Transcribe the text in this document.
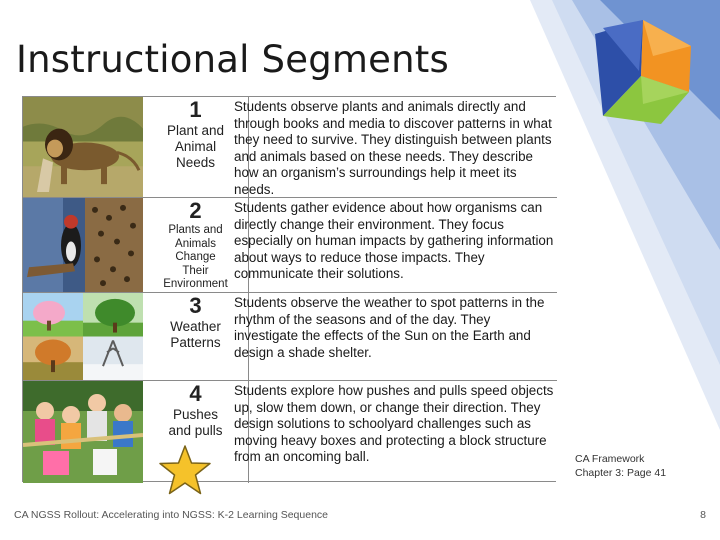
Instructional Segments
1
Plant and
Animal
Needs
Students observe plants and animals directly and through books and media to discover patterns in what they need to survive. They distinguish between plants and animals based on these needs. They describe how an organism’s surroundings help it meet its needs.
2
Plants and
Animals
Change
Their
Environment
Students gather evidence about how organisms can directly change their environment. They focus especially on human impacts by gathering information about ways to reduce those impacts. They communicate their solutions.
3
Weather
Patterns
Students observe the weather to spot patterns in the rhythm of the seasons and of the day. They investigate the effects of the Sun on the Earth and design a shade shelter.
4
Pushes
and pulls
Students explore how pushes and pulls speed objects up, slow them down, or change their direction. They design solutions to schoolyard challenges such as moving heavy boxes and protecting a block structure from an oncoming ball.	CA Framework
Chapter 3: Page 41
CA NGSS Rollout: Accelerating into NGSS: K-2 Learning Sequence	8
